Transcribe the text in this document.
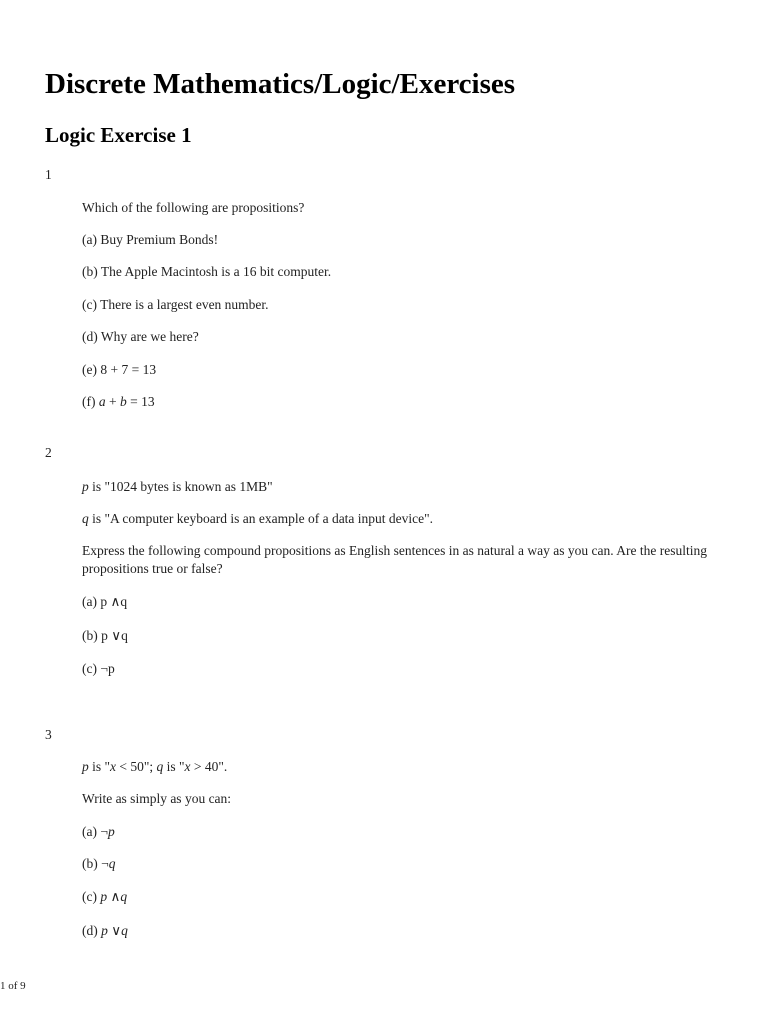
Discrete Mathematics/Logic/Exercises
Logic Exercise 1
1
Which of the following are propositions?
(a) Buy Premium Bonds!
(b) The Apple Macintosh is a 16 bit computer.
(c) There is a largest even number.
(d) Why are we here?
(e) 8 + 7 = 13
(f) a + b = 13
2
p is "1024 bytes is known as 1MB"
q is "A computer keyboard is an example of a data input device".
Express the following compound propositions as English sentences in as natural a way as you can. Are the resulting propositions true or false?
(a) p ∧q
(b) p ∨q
(c) ¬p
3
p is "x < 50"; q is "x > 40".
Write as simply as you can:
(a) ¬p
(b) ¬q
(c) p ∧q
(d) p ∨q
1 of 9
